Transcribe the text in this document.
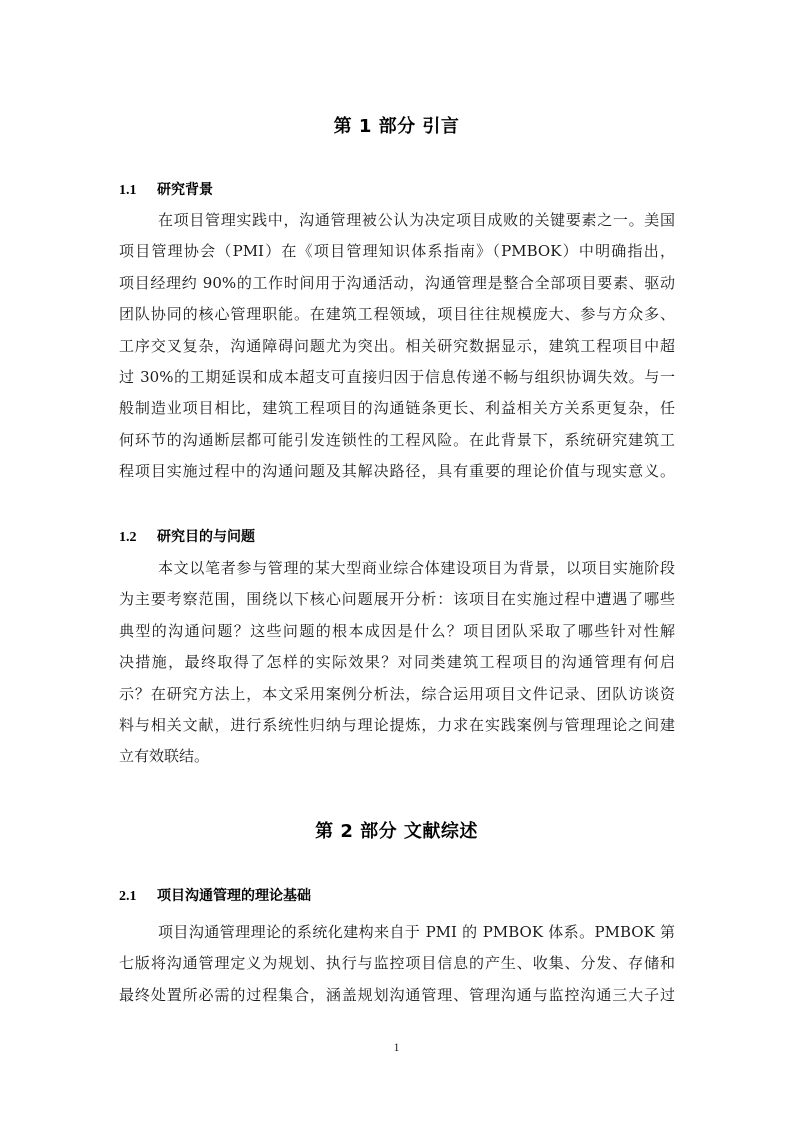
第 1 部分 引言
1.1 研究背景
在项目管理实践中，沟通管理被公认为决定项目成败的关键要素之一。美国
项目管理协会（PMI）在《项目管理知识体系指南》（PMBOK）中明确指出，
项目经理约 90%的工作时间用于沟通活动，沟通管理是整合全部项目要素、驱动
团队协同的核心管理职能。在建筑工程领域，项目往往规模庞大、参与方众多、
工序交叉复杂，沟通障碍问题尤为突出。相关研究数据显示，建筑工程项目中超
过 30%的工期延误和成本超支可直接归因于信息传递不畅与组织协调失效。与一
般制造业项目相比，建筑工程项目的沟通链条更长、利益相关方关系更复杂，任
何环节的沟通断层都可能引发连锁性的工程风险。在此背景下，系统研究建筑工
程项目实施过程中的沟通问题及其解决路径，具有重要的理论价值与现实意义。
1.2 研究目的与问题
本文以笔者参与管理的某大型商业综合体建设项目为背景，以项目实施阶段
为主要考察范围，围绕以下核心问题展开分析：该项目在实施过程中遭遇了哪些
典型的沟通问题？这些问题的根本成因是什么？项目团队采取了哪些针对性解
决措施，最终取得了怎样的实际效果？对同类建筑工程项目的沟通管理有何启
示？在研究方法上，本文采用案例分析法，综合运用项目文件记录、团队访谈资
料与相关文献，进行系统性归纳与理论提炼，力求在实践案例与管理理论之间建
立有效联结。
第 2 部分 文献综述
2.1 项目沟通管理的理论基础
项目沟通管理理论的系统化建构来自于 PMI 的 PMBOK 体系。PMBOK 第
七版将沟通管理定义为规划、执行与监控项目信息的产生、收集、分发、存储和
最终处置所必需的过程集合，涵盖规划沟通管理、管理沟通与监控沟通三大子过
1
